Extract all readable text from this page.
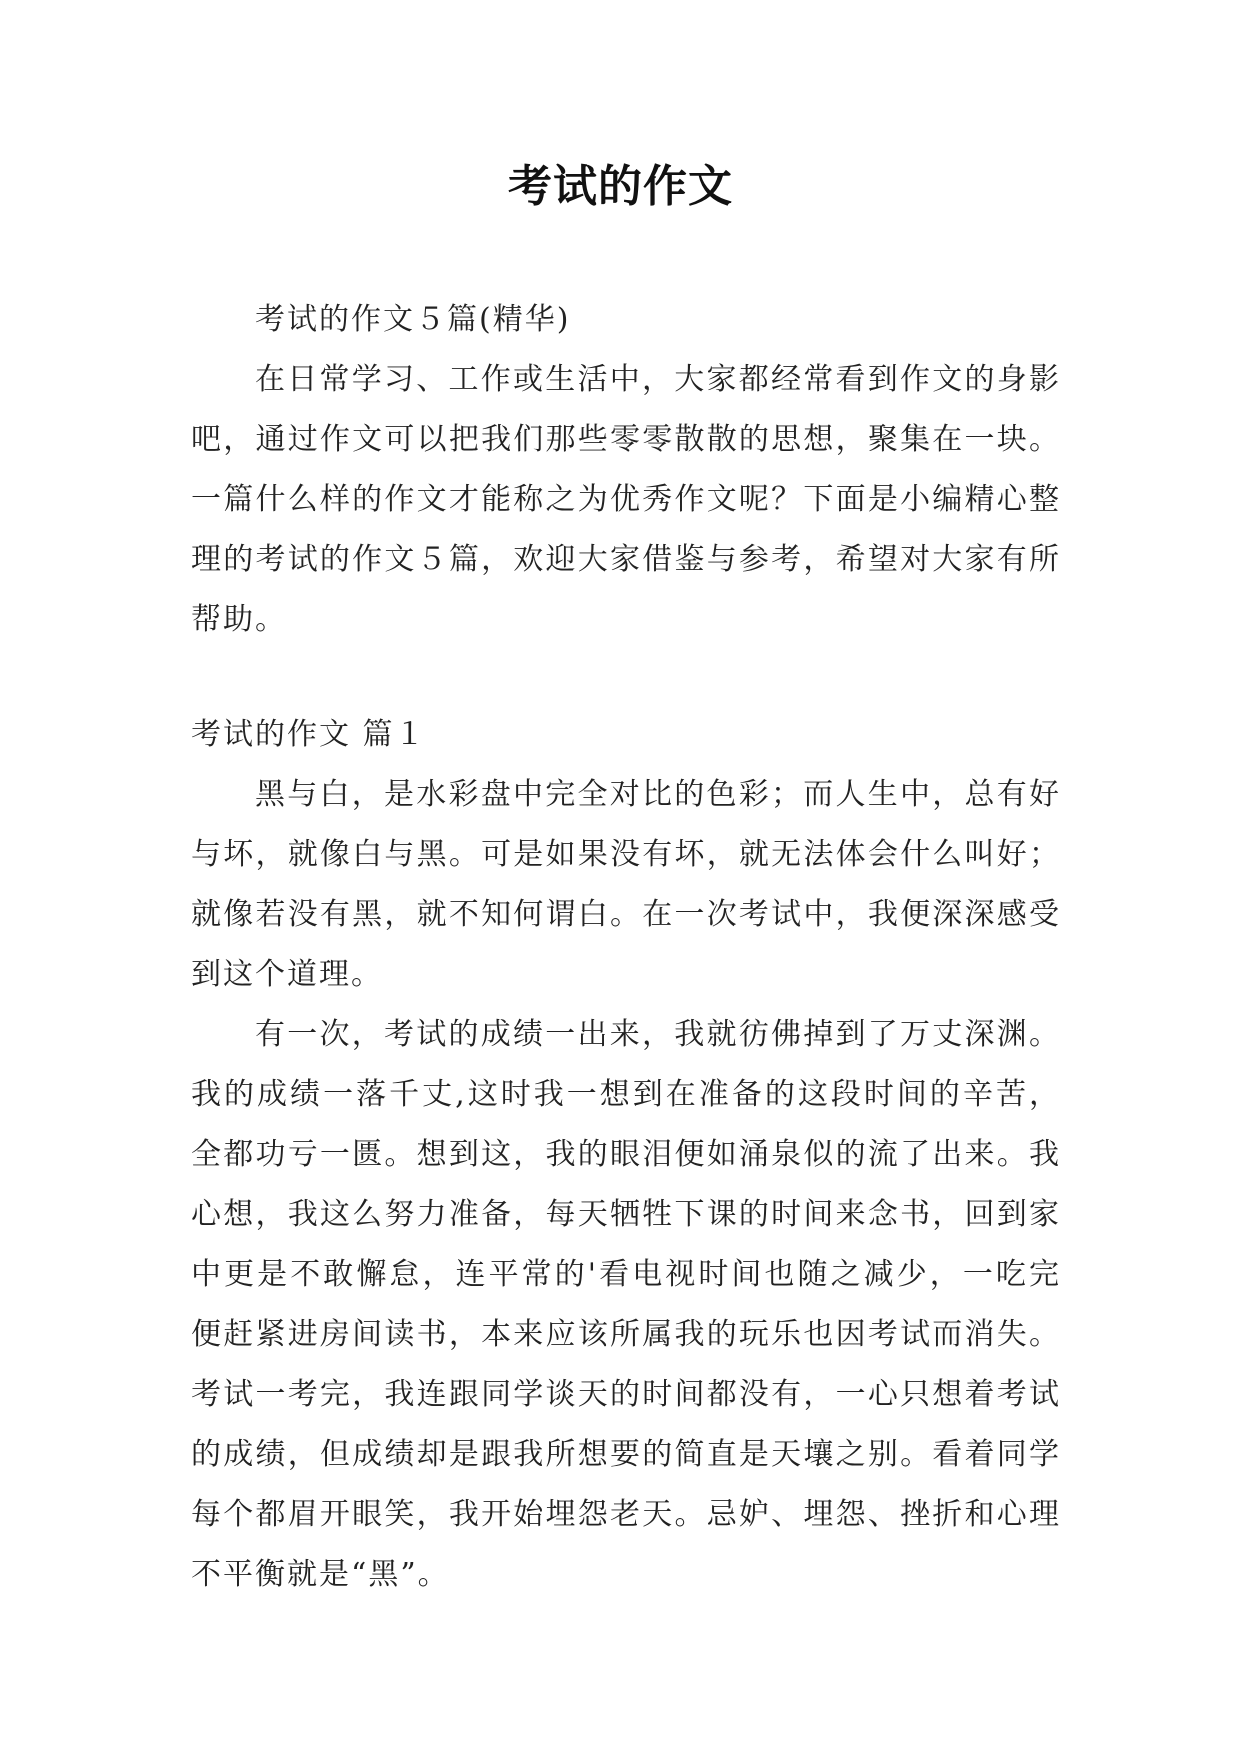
考试的作文

考试的作文５篇(精华)

在日常学习、工作或生活中，大家都经常看到作文的身影吧，通过作文可以把我们那些零零散散的思想，聚集在一块。一篇什么样的作文才能称之为优秀作文呢？下面是小编精心整理的考试的作文５篇，欢迎大家借鉴与参考，希望对大家有所帮助。

考试的作文 篇１

黑与白，是水彩盘中完全对比的色彩；而人生中，总有好与坏，就像白与黑。可是如果没有坏，就无法体会什么叫好；就像若没有黑，就不知何谓白。在一次考试中，我便深深感受到这个道理。

有一次，考试的成绩一出来，我就彷佛掉到了万丈深渊。我的成绩一落千丈,这时我一想到在准备的这段时间的辛苦，全都功亏一匮。想到这，我的眼泪便如涌泉似的流了出来。我心想，我这么努力准备，每天牺牲下课的时间来念书，回到家中更是不敢懈怠，连平常的'看电视时间也随之减少，一吃完便赶紧进房间读书，本来应该所属我的玩乐也因考试而消失。考试一考完，我连跟同学谈天的时间都没有，一心只想着考试的成绩，但成绩却是跟我所想要的简直是天壤之别。看着同学每个都眉开眼笑，我开始埋怨老天。忌妒、埋怨、挫折和心理不平衡就是“黑”。
